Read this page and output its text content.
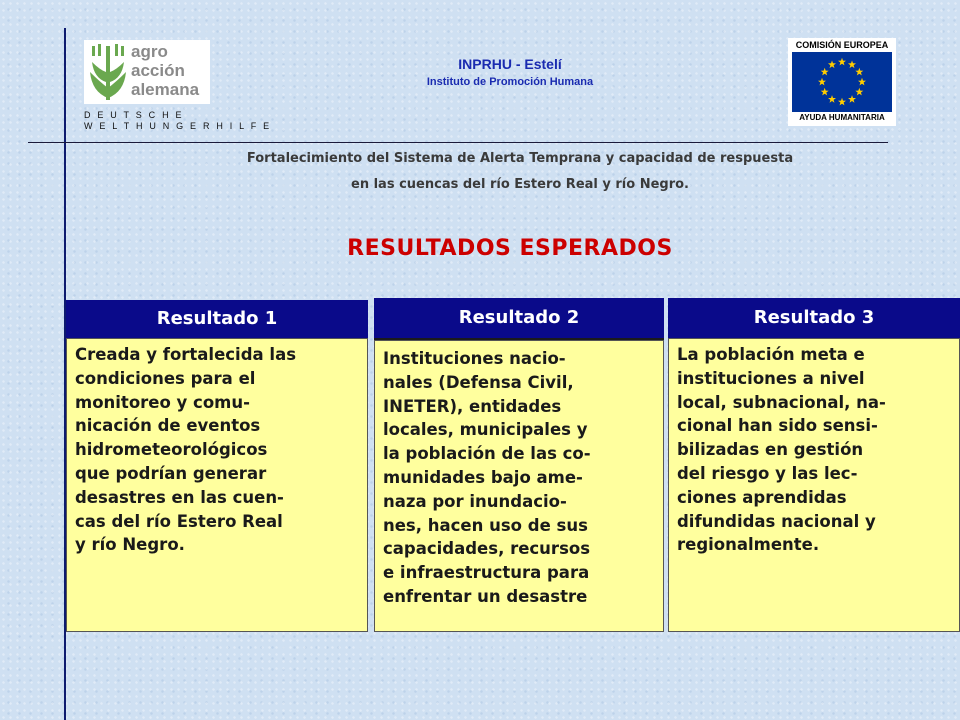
agro
acción
alemana
D E U T S C H E
W E L T H U N G E R H I L F E
INPRHU - Estelí
Instituto de Promoción Humana
COMISIÓN EUROPEA
AYUDA HUMANITARIA
Fortalecimiento del Sistema de Alerta Temprana y capacidad de respuesta
en las cuencas del río Estero Real y río Negro.
RESULTADOS ESPERADOS
Resultado 1
Creada y fortalecida las
condiciones para el
monitoreo y comu-
nicación de eventos
hidrometeorológicos
que podrían generar
desastres en las cuen-
cas del río Estero Real
y río Negro.
Resultado 2
Instituciones nacio-
nales (Defensa Civil,
INETER), entidades
locales, municipales y
la población de las co-
munidades bajo ame-
naza por inundacio-
nes, hacen uso de sus
capacidades, recursos
e infraestructura para
enfrentar un desastre
Resultado 3
La población meta e
instituciones a nivel
local, subnacional, na-
cional han sido sensi-
bilizadas en gestión
del riesgo y las lec-
ciones aprendidas
difundidas nacional y
regionalmente.
